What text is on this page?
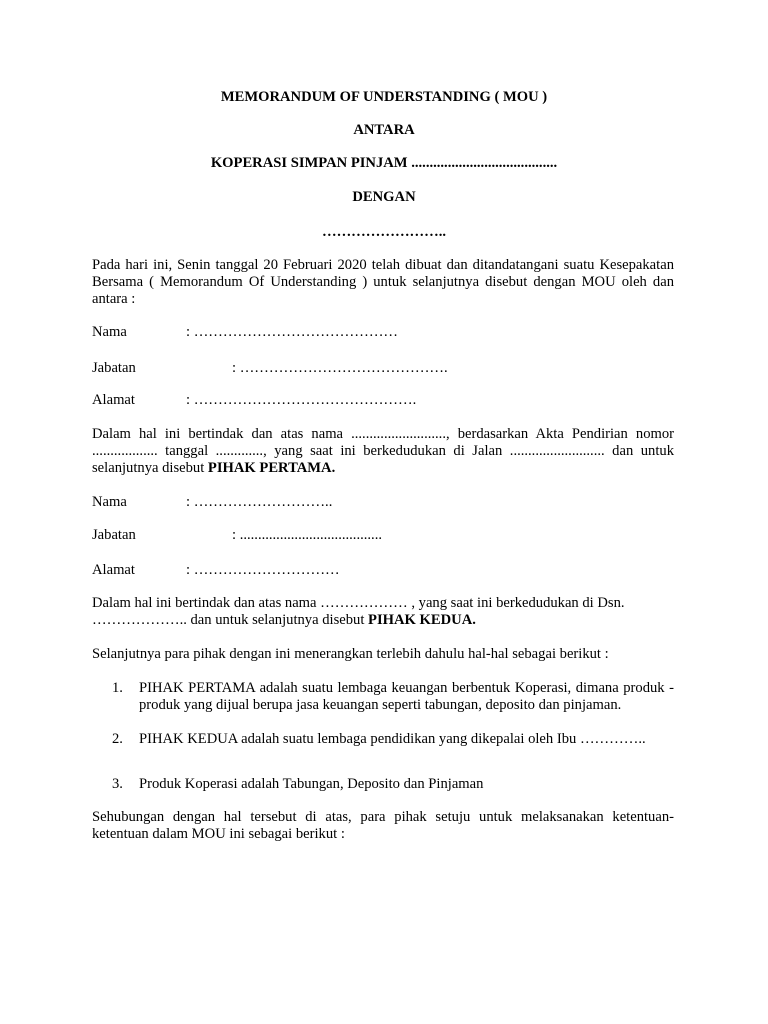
MEMORANDUM OF UNDERSTANDING ( MOU )
ANTARA
KOPERASI SIMPAN PINJAM ........................................
DENGAN
……………………..
Pada hari ini, Senin tanggal 20 Februari 2020 telah dibuat dan ditandatangani suatu Kesepakatan Bersama ( Memorandum Of Understanding ) untuk selanjutnya disebut dengan MOU oleh dan antara :
Nama	: ……………………………………
Jabatan	: …………………………………….
Alamat	: ……………………………………….
Dalam hal ini bertindak dan atas nama .........................., berdasarkan Akta Pendirian nomor .................. tanggal ............., yang saat ini berkedudukan di Jalan .......................... dan untuk selanjutnya disebut PIHAK PERTAMA.
Nama	: ………………………..
Jabatan	: .......................................
Alamat	: …………………………
Dalam hal ini bertindak dan atas nama ……………… , yang saat ini berkedudukan di Dsn.
……………….. dan untuk selanjutnya disebut PIHAK KEDUA.
Selanjutnya para pihak dengan ini menerangkan terlebih dahulu hal-hal sebagai berikut :
1.	PIHAK PERTAMA adalah suatu lembaga keuangan berbentuk Koperasi, dimana produk - produk yang dijual berupa jasa keuangan seperti tabungan, deposito dan pinjaman.
2.	PIHAK KEDUA adalah suatu lembaga pendidikan yang dikepalai oleh Ibu …………..
3.	Produk Koperasi adalah Tabungan, Deposito dan Pinjaman
Sehubungan dengan hal tersebut di atas, para pihak setuju untuk melaksanakan ketentuan-ketentuan dalam MOU ini sebagai berikut :
